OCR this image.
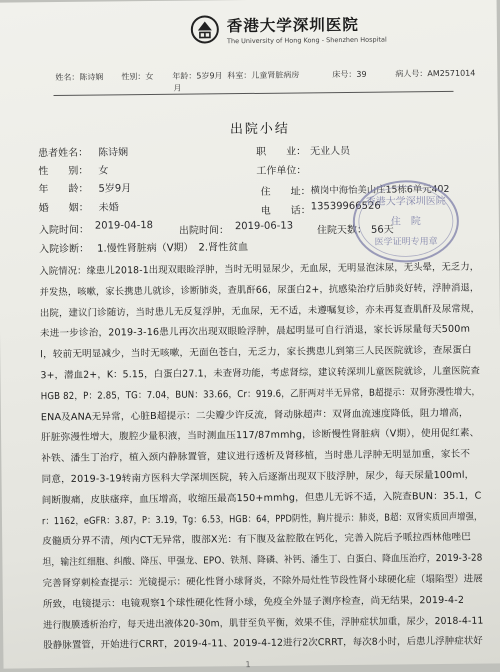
香港大学深圳医院
The University of Hong Kong - Shenzhen Hospital
姓名：陈诗娴 性别：女 年龄：5岁9月 科室：儿童肾脏病房
月
床号：39	病人号：AM2571014
出院小结
患者姓名： 陈诗娴
性　　别： 女
年　　龄： 5岁9月
婚　　姻： 未婚
职　　业： 无业人员
工作单位：
住　　址： 横岗中海怡美山庄15栋6单元402
电　　话： 13539966526
入院时间： 2019-04-18	出院时间： 2019-06-13 住院天数： 56天
入院诊断： 1.慢性肾脏病（Ⅴ期）　2.肾性贫血
香港大学深圳医院
住　院
医学证明专用章
入院情况：缘患儿2018-1出现双眼睑浮肿，当时无明显尿少，无血尿，无明显泡沫尿，无头晕，无乏力，
并发热，咳嗽，家长携患儿就诊，诊断肺炎，查肌酐66，尿蛋白2+，抗感染治疗后肺炎好转，浮肿消退，
出院，建议门诊随访，当时患儿无反复浮肿，无血尿，无不适，未遵嘱复诊，亦未再复查肌酐及尿常规，
未进一步诊治，2019-3-16患儿再次出现双眼睑浮肿，晨起明显可自行消退，家长诉尿量每天500m
l，较前无明显减少，当时无咳嗽，无面色苍白，无乏力，家长携患儿到第三人民医院就诊，查尿蛋白
3+，潜血2+，K：5.15，白蛋白27.1，未查肾功能，考虑肾综，建议转深圳儿童医院就诊，儿童医院查
HGB 82，P：2.85，TG：7.04，BUN：33.66，Cr：919.6，乙肝两对半无异常，B超提示：双肾弥漫性增大，
ENA及ANA无异常，心脏B超提示：二尖瓣少许反流，肾动脉超声：双肾血流速度降低，阻力增高，
肝脏弥漫性增大，腹腔少量积液，当时测血压117/87mmhg，诊断慢性肾脏病（V期），使用促红素、
补铁、潘生丁治疗，植入颈内静脉置管，建议进行透析及肾移植，当时患儿浮肿无明显加重，家长不
同意，2019-3-19转南方医科大学深圳医院，转入后逐渐出现双下肢浮肿，尿少，每天尿量100ml，
间断腹痛，皮肤瘙痒，血压增高，收缩压最高150+mmhg，但患儿无诉不适，入院查BUN：35.1，C
r：1162，eGFR：3.87，P：3.19，Tg：6.53，HGB：64，PPD阴性，胸片提示：肺炎，B超：双肾实质回声增强，
皮髓质分界不清，颅内CT无异常，腹部X光：有下腹及盆腔散在钙化，完善入院后予哌拉西林他唑巴
坦，输注红细胞、纠酸、降压、甲强龙、EPO、铁剂、降磷、补钙、潘生丁、白蛋白、降血压治疗，2019-3-28
完善肾穿刺检查提示：光镜提示：硬化性肾小球肾炎，不除外局灶性节段性肾小球硬化症（塌陷型）进展
所致，电镜提示：电镜观察1个球性硬化性肾小球，免疫全外显子测序检查，尚无结果，2019-4-2
进行腹膜透析治疗，每天进出液体20-30m，肌苷至负平衡，效果不佳，浮肿症状加重，尿少，2018-4-11
股静脉置管，开始进行CRRT，2019-4-11、2019-4-12进行2次CRRT，每次8小时，后患儿浮肿症状好
1
